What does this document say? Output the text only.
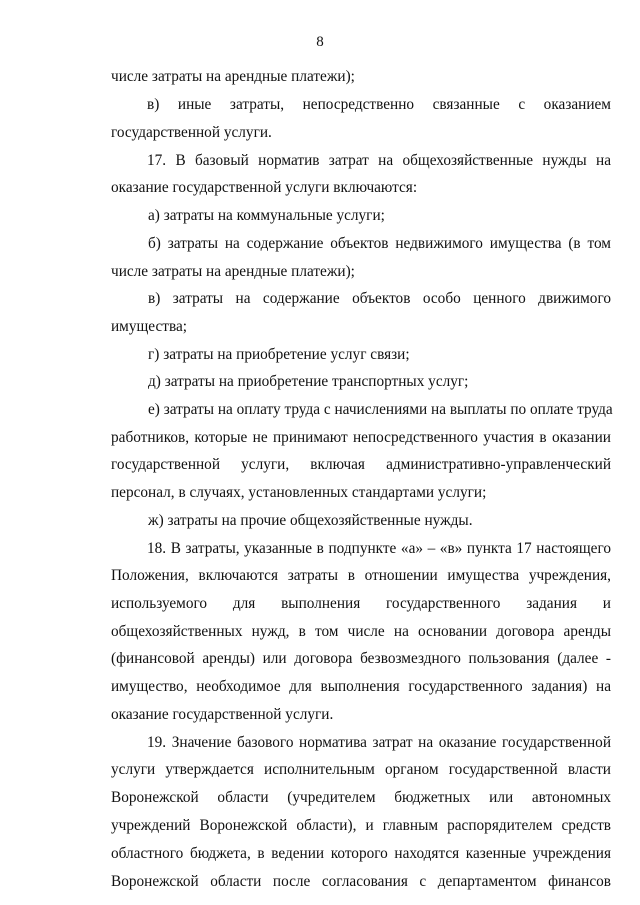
8
числе затраты на арендные платежи);
в) иные затраты, непосредственно связанные с оказанием
государственной услуги.
17. В базовый норматив затрат на общехозяйственные нужды на
оказание государственной услуги включаются:
а) затраты на коммунальные услуги;
б) затраты на содержание объектов недвижимого имущества (в том
числе затраты на арендные платежи);
в) затраты на содержание объектов особо ценного движимого
имущества;
г) затраты на приобретение услуг связи;
д) затраты на приобретение транспортных услуг;
е) затраты на оплату труда с начислениями на выплаты по оплате труда
работников, которые не принимают непосредственного участия в оказании
государственной услуги, включая административно-управленческий
персонал, в случаях, установленных стандартами услуги;
ж) затраты на прочие общехозяйственные нужды.
18. В затраты, указанные в подпункте «а» – «в» пункта 17 настоящего
Положения, включаются затраты в отношении имущества учреждения,
используемого для выполнения государственного задания и
общехозяйственных нужд, в том числе на основании договора аренды
(финансовой аренды) или договора безвозмездного пользования (далее -
имущество, необходимое для выполнения государственного задания) на
оказание государственной услуги.
19. Значение базового норматива затрат на оказание государственной
услуги утверждается исполнительным органом государственной власти
Воронежской области (учредителем бюджетных или автономных
учреждений Воронежской области), и главным распорядителем средств
областного бюджета, в ведении которого находятся казенные учреждения
Воронежской области после согласования с департаментом финансов
